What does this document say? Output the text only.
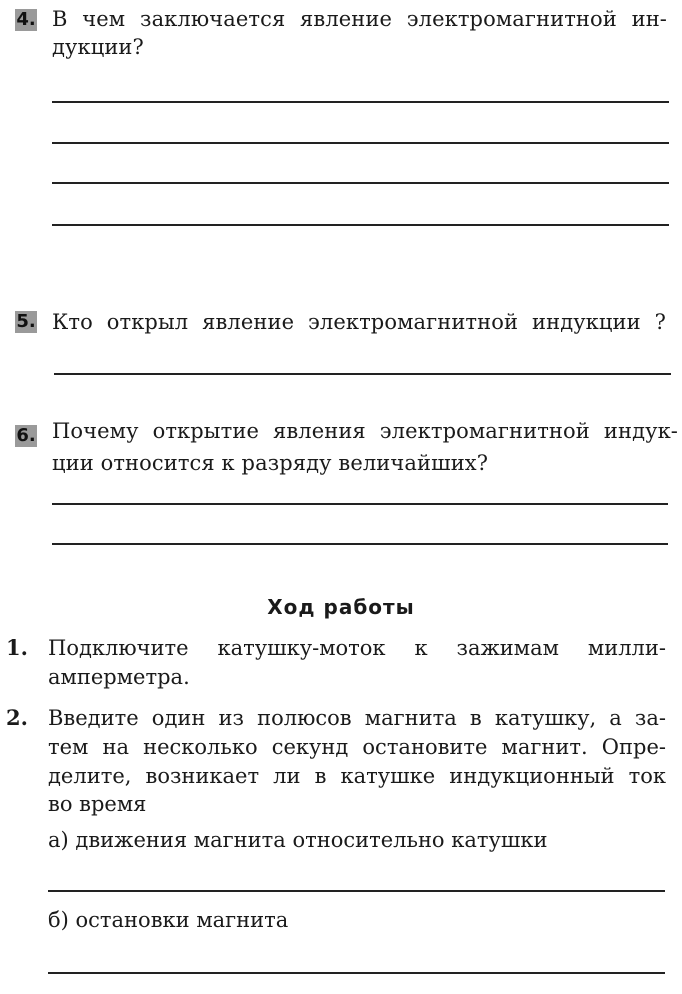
4. В чем заключается явление электромагнитной ин-
дукции?
5. Кто открыл явление электромагнитной индукции ?
6. Почему открытие явления электромагнитной индук-
ции относится к разряду величайших?
Ход работы
1. Подключите катушку-моток к зажимам милли-
амперметра.
2. Введите один из полюсов магнита в катушку, а за-
тем на несколько секунд остановите магнит. Опре-
делите, возникает ли в катушке индукционный ток
во время
а) движения магнита относительно катушки
б) остановки магнита
